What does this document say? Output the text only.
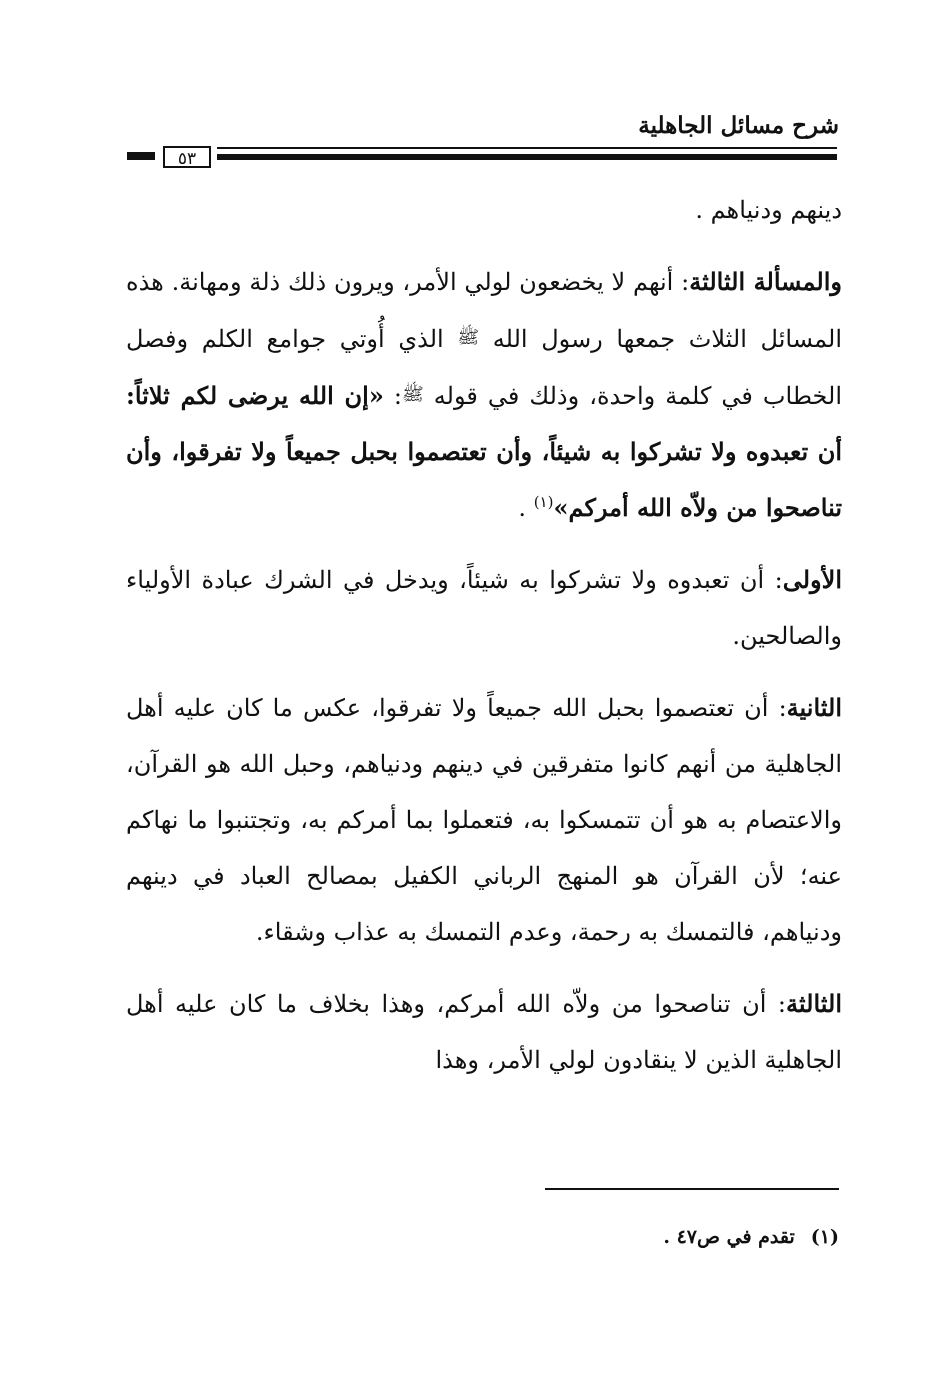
شرح مسائل الجاهلية
٥٣

دينهم ودنياهم .

والمسألة الثالثة: أنهم لا يخضعون لولي الأمر، ويرون ذلك ذلة ومهانة. هذه المسائل الثلاث جمعها رسول الله ﷺ الذي أُوتي جوامع الكلم وفصل الخطاب في كلمة واحدة، وذلك في قوله ﷺ: «إن الله يرضى لكم ثلاثاً: أن تعبدوه ولا تشركوا به شيئاً، وأن تعتصموا بحبل جميعاً ولا تفرقوا، وأن تناصحوا من ولاّه الله أمركم»$^{(١)}$ .

الأولى: أن تعبدوه ولا تشركوا به شيئاً، ويدخل في الشرك عبادة الأولياء والصالحين.

الثانية: أن تعتصموا بحبل الله جميعاً ولا تفرقوا، عكس ما كان عليه أهل الجاهلية من أنهم كانوا متفرقين في دينهم ودنياهم، وحبل الله هو القرآن، والاعتصام به هو أن تتمسكوا به، فتعملوا بما أمركم به، وتجتنبوا ما نهاكم عنه؛ لأن القرآن هو المنهج الرباني الكفيل بمصالح العباد في دينهم ودنياهم، فالتمسك به رحمة، وعدم التمسك به عذاب وشقاء.

الثالثة: أن تناصحوا من ولاّه الله أمركم، وهذا بخلاف ما كان عليه أهل الجاهلية الذين لا ينقادون لولي الأمر، وهذا

(١)تقدم في ص٤٧ .
